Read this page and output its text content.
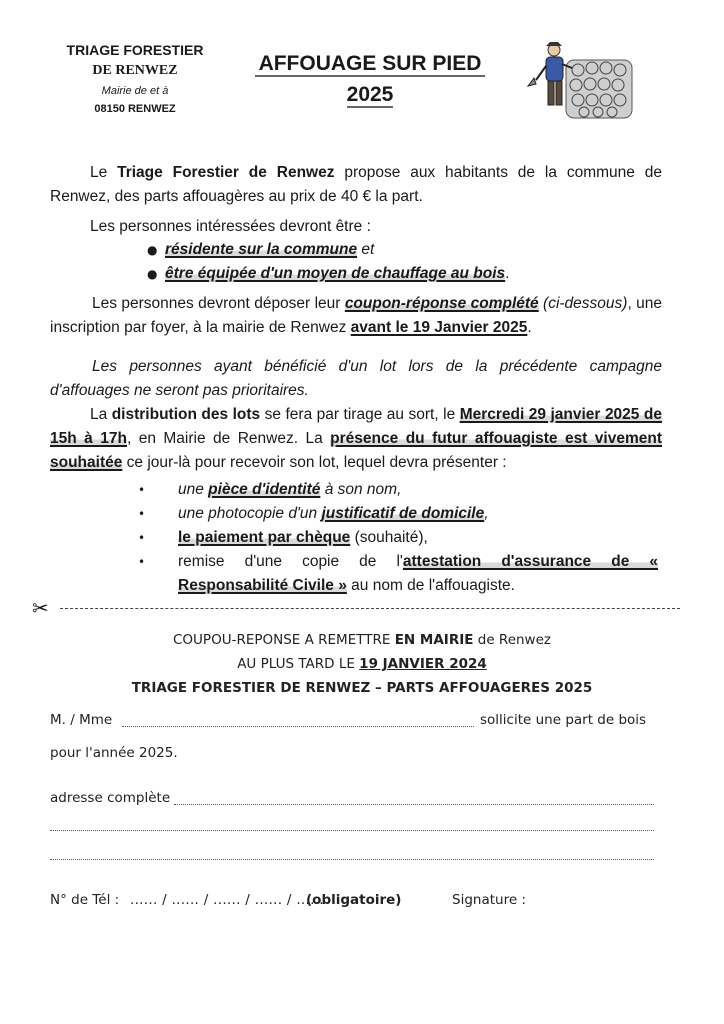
TRIAGE FORESTIER
DE RENWEZ
Mairie de et à
08150 RENWEZ
AFFOUAGE SUR PIED
2025
Le Triage Forestier de Renwez propose aux habitants de la commune de Renwez, des parts affouagères au prix de 40 € la part.
Les personnes intéressées devront être :
● résidente sur la commune et
● être équipée d'un moyen de chauffage au bois.
Les personnes devront déposer leur coupon-réponse complété (ci-dessous), une inscription par foyer, à la mairie de Renwez avant le 19 Janvier 2025.
Les personnes ayant bénéficié d'un lot lors de la précédente campagne d'affouages ne seront pas prioritaires.
La distribution des lots se fera par tirage au sort, le Mercredi 29 janvier 2025 de 15h à 17h, en Mairie de Renwez. La présence du futur affouagiste est vivement souhaitée ce jour-là pour recevoir son lot, lequel devra présenter :
• une pièce d'identité à son nom,
• une photocopie d'un justificatif de domicile,
• le paiement par chèque (souhaité),
• remise d'une copie de l'attestation d'assurance de « Responsabilité Civile » au nom de l'affouagiste.
✂
COUPOU-REPONSE A REMETTRE EN MAIRIE de Renwez
AU PLUS TARD LE 19 JANVIER 2024
TRIAGE FORESTIER DE RENWEZ – PARTS AFFOUAGERES 2025
M. / Mme	sollicite une part de bois
pour l'année 2025.
adresse complète
N° de Tél : ...... / ...... / ...... / ...... / ......
(obligatoire)	Signature :
